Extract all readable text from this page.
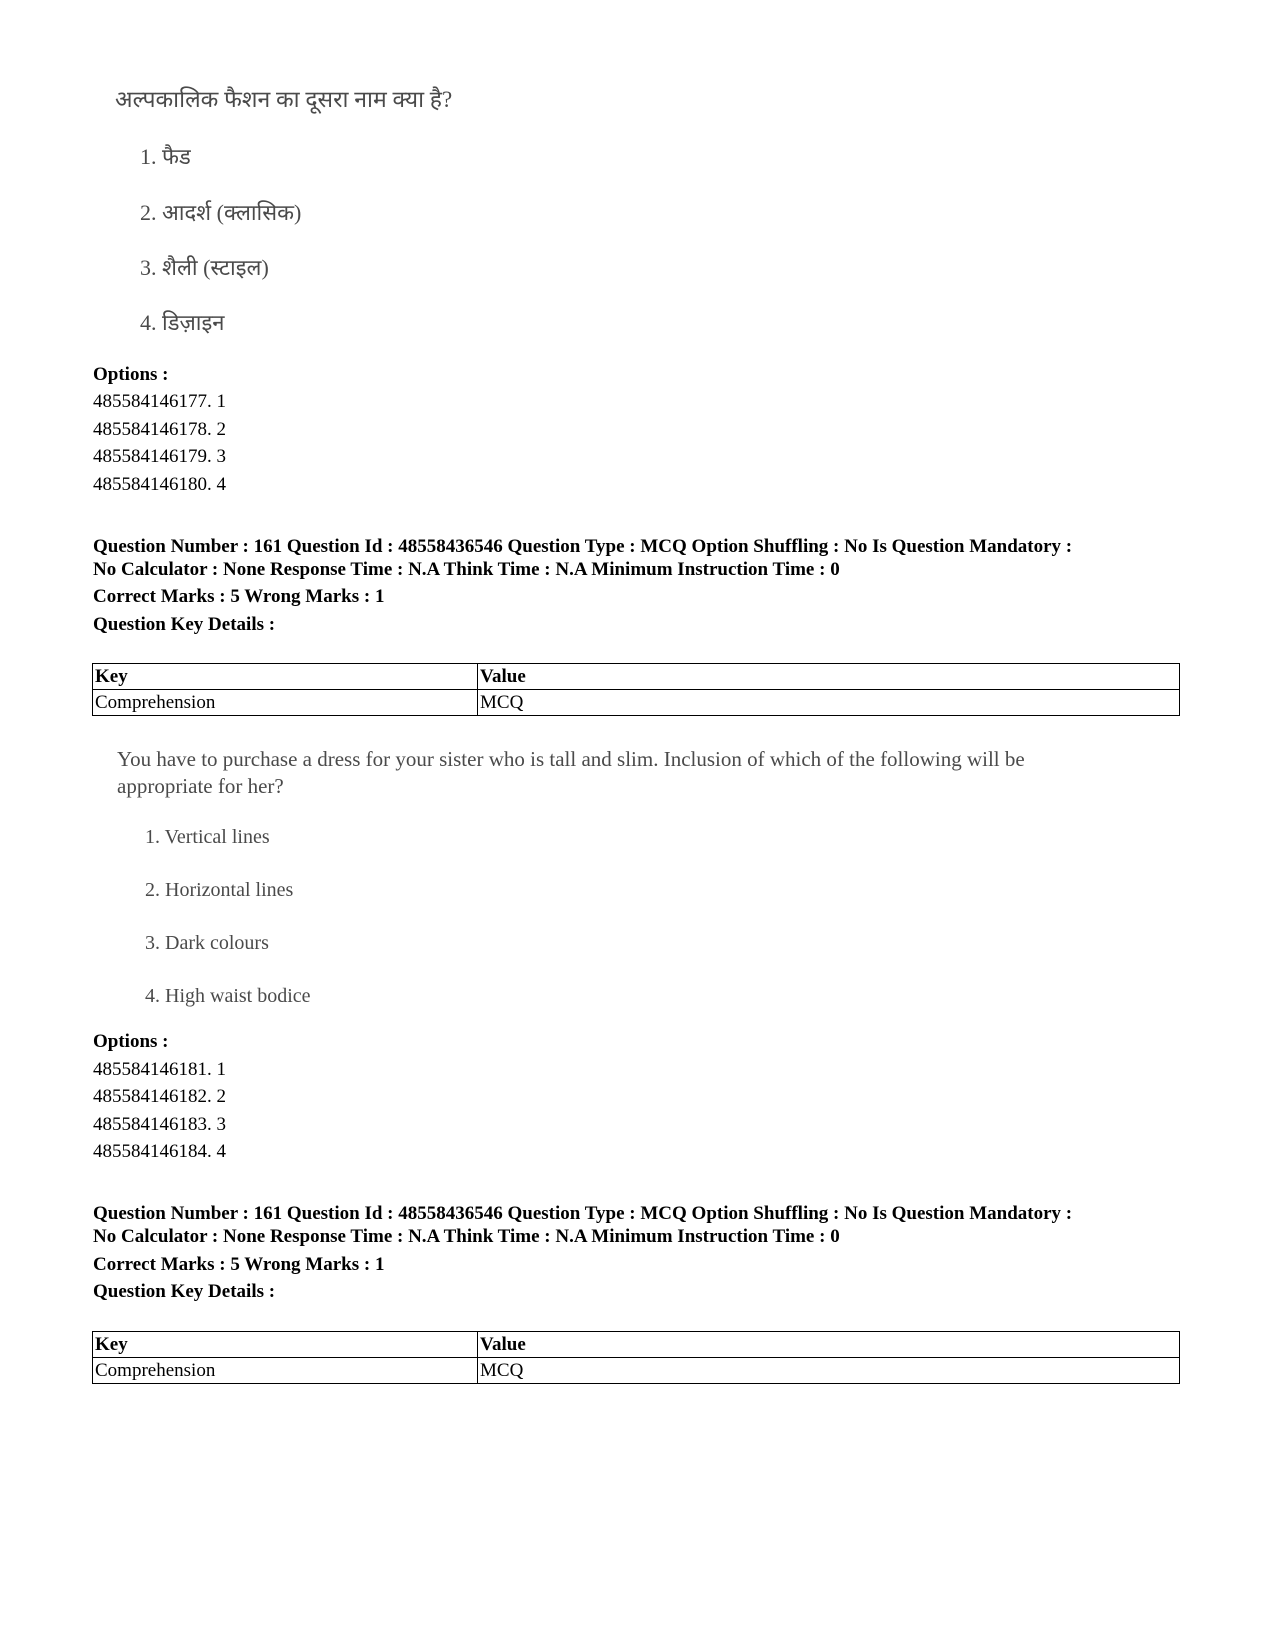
अल्पकालिक फैशन का दूसरा नाम क्या है?
1. फैड
2. आदर्श (क्लासिक)
3. शैली (स्टाइल)
4. डिज़ाइन
Options :
485584146177. 1
485584146178. 2
485584146179. 3
485584146180. 4
Question Number : 161 Question Id : 48558436546 Question Type : MCQ Option Shuffling : No Is Question Mandatory :
No Calculator : None Response Time : N.A Think Time : N.A Minimum Instruction Time : 0
Correct Marks : 5 Wrong Marks : 1
Question Key Details :
Key	Value
Comprehension	MCQ
You have to purchase a dress for your sister who is tall and slim. Inclusion of which of the following will be
appropriate for her?
1. Vertical lines
2. Horizontal lines
3. Dark colours
4. High waist bodice
Options :
485584146181. 1
485584146182. 2
485584146183. 3
485584146184. 4
Question Number : 161 Question Id : 48558436546 Question Type : MCQ Option Shuffling : No Is Question Mandatory :
No Calculator : None Response Time : N.A Think Time : N.A Minimum Instruction Time : 0
Correct Marks : 5 Wrong Marks : 1
Question Key Details :
Key	Value
Comprehension	MCQ
